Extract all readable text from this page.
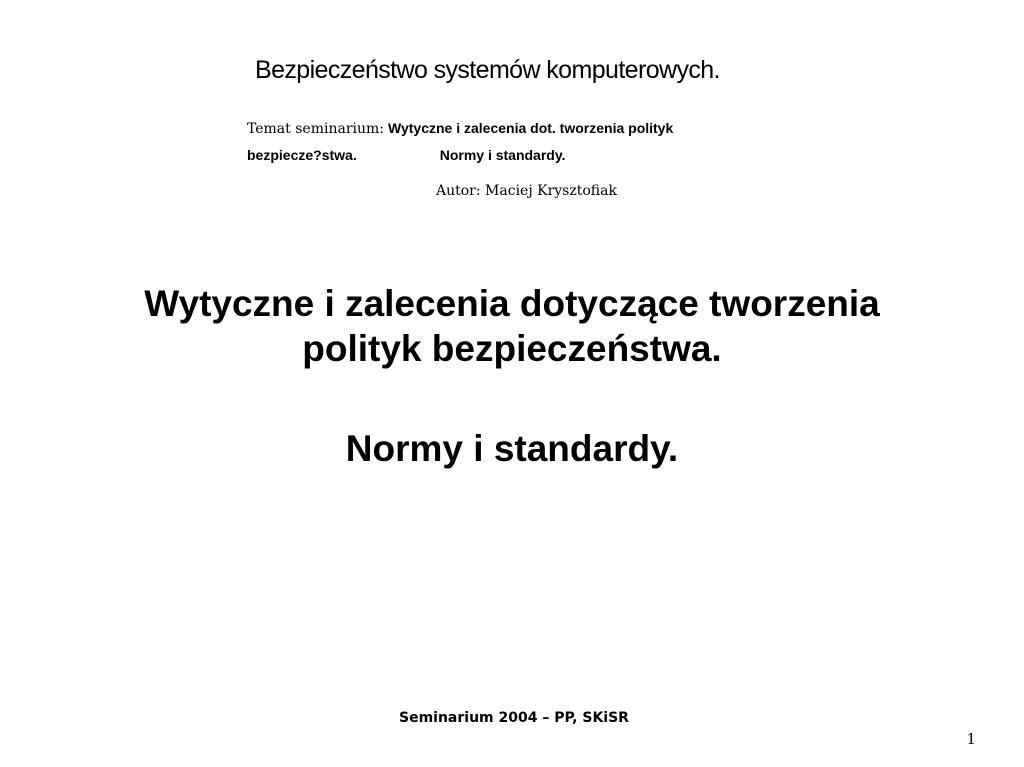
Bezpieczeństwo systemów komputerowych.
Temat seminarium: Wytyczne i zalecenia dot. tworzenia polityk
bezpiecze?stwa.	Normy i standardy.
Autor: Maciej Krysztofiak
Wytyczne i zalecenia dotyczące tworzenia
polityk bezpieczeństwa.
Normy i standardy.
Seminarium 2004 – PP, SKiSR
1
